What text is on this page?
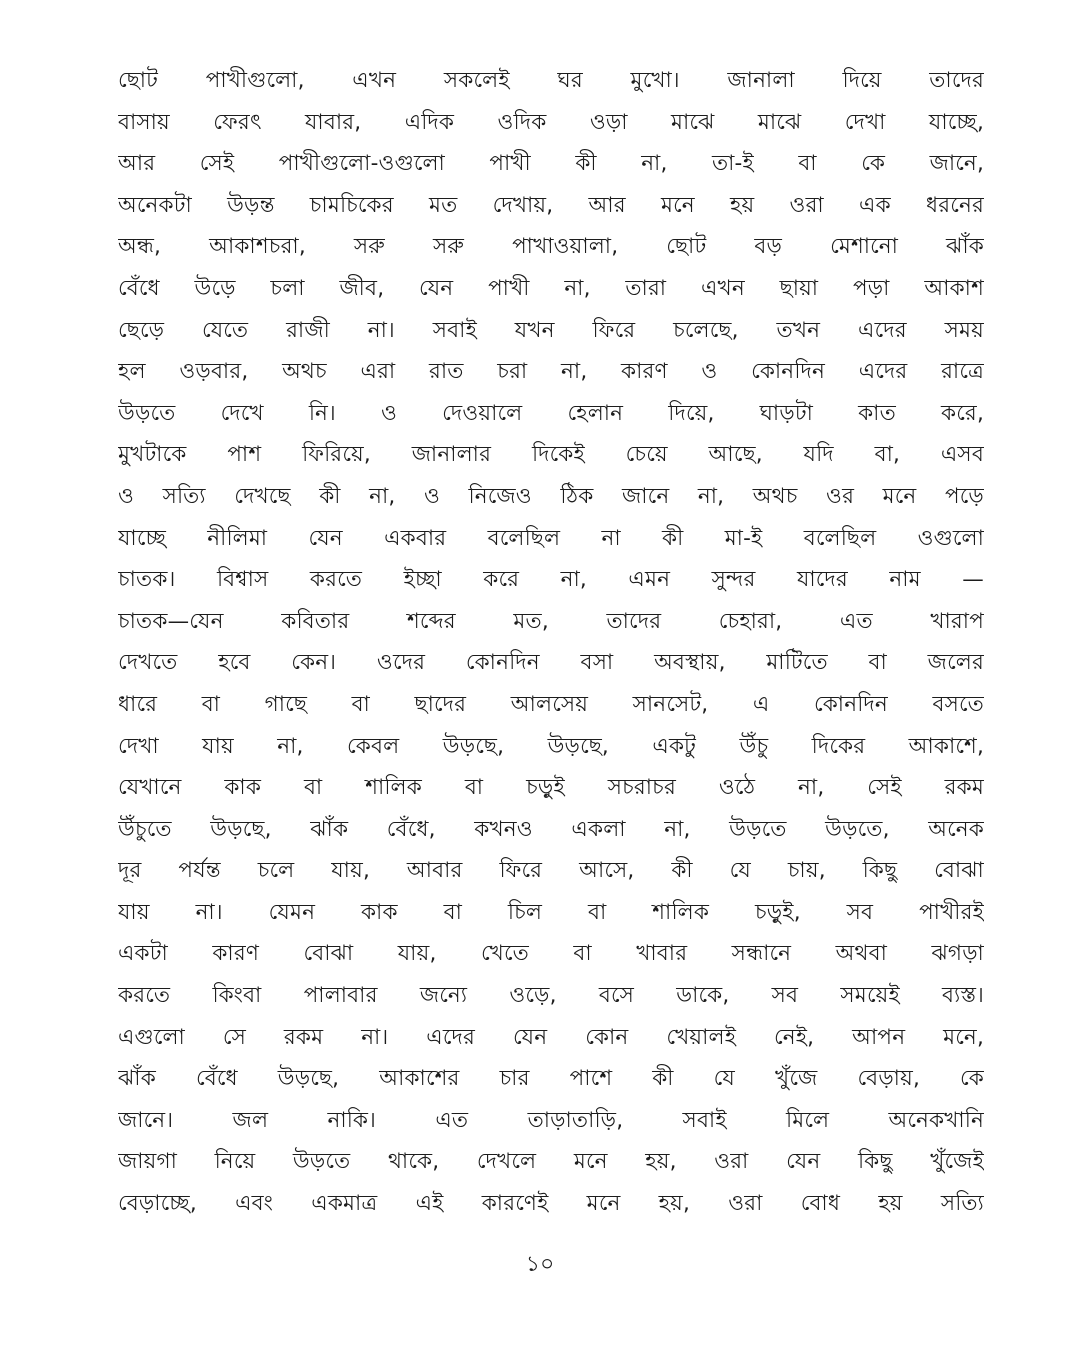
ছোট পাখীগুলো, এখন সকলেই ঘর মুখো। জানালা দিয়ে তাদের
বাসায় ফেরৎ যাবার, এদিক ওদিক ওড়া মাঝে মাঝে দেখা যাচ্ছে,
আর সেই পাখীগুলো-ওগুলো পাখী কী না, তা-ই বা কে জানে,
অনেকটা উড়ন্ত চামচিকের মত দেখায়, আর মনে হয় ওরা এক ধরনের
অন্ধ, আকাশচরা, সরু সরু পাখাওয়ালা, ছোট বড় মেশানো ঝাঁক
বেঁধে উড়ে চলা জীব, যেন পাখী না, তারা এখন ছায়া পড়া আকাশ
ছেড়ে যেতে রাজী না। সবাই যখন ফিরে চলেছে, তখন এদের সময়
হল ওড়বার, অথচ এরা রাত চরা না, কারণ ও কোনদিন এদের রাত্রে
উড়তে দেখে নি। ও দেওয়ালে হেলান দিয়ে, ঘাড়টা কাত করে,
মুখটাকে পাশ ফিরিয়ে, জানালার দিকেই চেয়ে আছে, যদি বা, এসব
ও সত্যি দেখছে কী না, ও নিজেও ঠিক জানে না, অথচ ওর মনে পড়ে
যাচ্ছে নীলিমা যেন একবার বলেছিল না কী মা-ই বলেছিল ওগুলো
চাতক। বিশ্বাস করতে ইচ্ছা করে না, এমন সুন্দর যাদের নাম —
চাতক—যেন কবিতার শব্দের মত, তাদের চেহারা, এত খারাপ
দেখতে হবে কেন। ওদের কোনদিন বসা অবস্থায়, মাটিতে বা জলের
ধারে বা গাছে বা ছাদের আলসেয় সানসেট, এ কোনদিন বসতে
দেখা যায় না, কেবল উড়ছে, উড়ছে, একটু উঁচু দিকের আকাশে,
যেখানে কাক বা শালিক বা চড়ুই সচরাচর ওঠে না, সেই রকম
উঁচুতে উড়ছে, ঝাঁক বেঁধে, কখনও একলা না, উড়তে উড়তে, অনেক
দূর পর্যন্ত চলে যায়, আবার ফিরে আসে, কী যে চায়, কিছু বোঝা
যায় না। যেমন কাক বা চিল বা শালিক চড়ুই, সব পাখীরই
একটা কারণ বোঝা যায়, খেতে বা খাবার সন্ধানে অথবা ঝগড়া
করতে কিংবা পালাবার জন্যে ওড়ে, বসে ডাকে, সব সময়েই ব্যস্ত।
এগুলো সে রকম না। এদের যেন কোন খেয়ালই নেই, আপন মনে,
ঝাঁক বেঁধে উড়ছে, আকাশের চার পাশে কী যে খুঁজে বেড়ায়, কে
জানে। জল নাকি। এত তাড়াতাড়ি, সবাই মিলে অনেকখানি
জায়গা নিয়ে উড়তে থাকে, দেখলে মনে হয়, ওরা যেন কিছু খুঁজেই
বেড়াচ্ছে, এবং একমাত্র এই কারণেই মনে হয়, ওরা বোধ হয় সত্যি
১০
